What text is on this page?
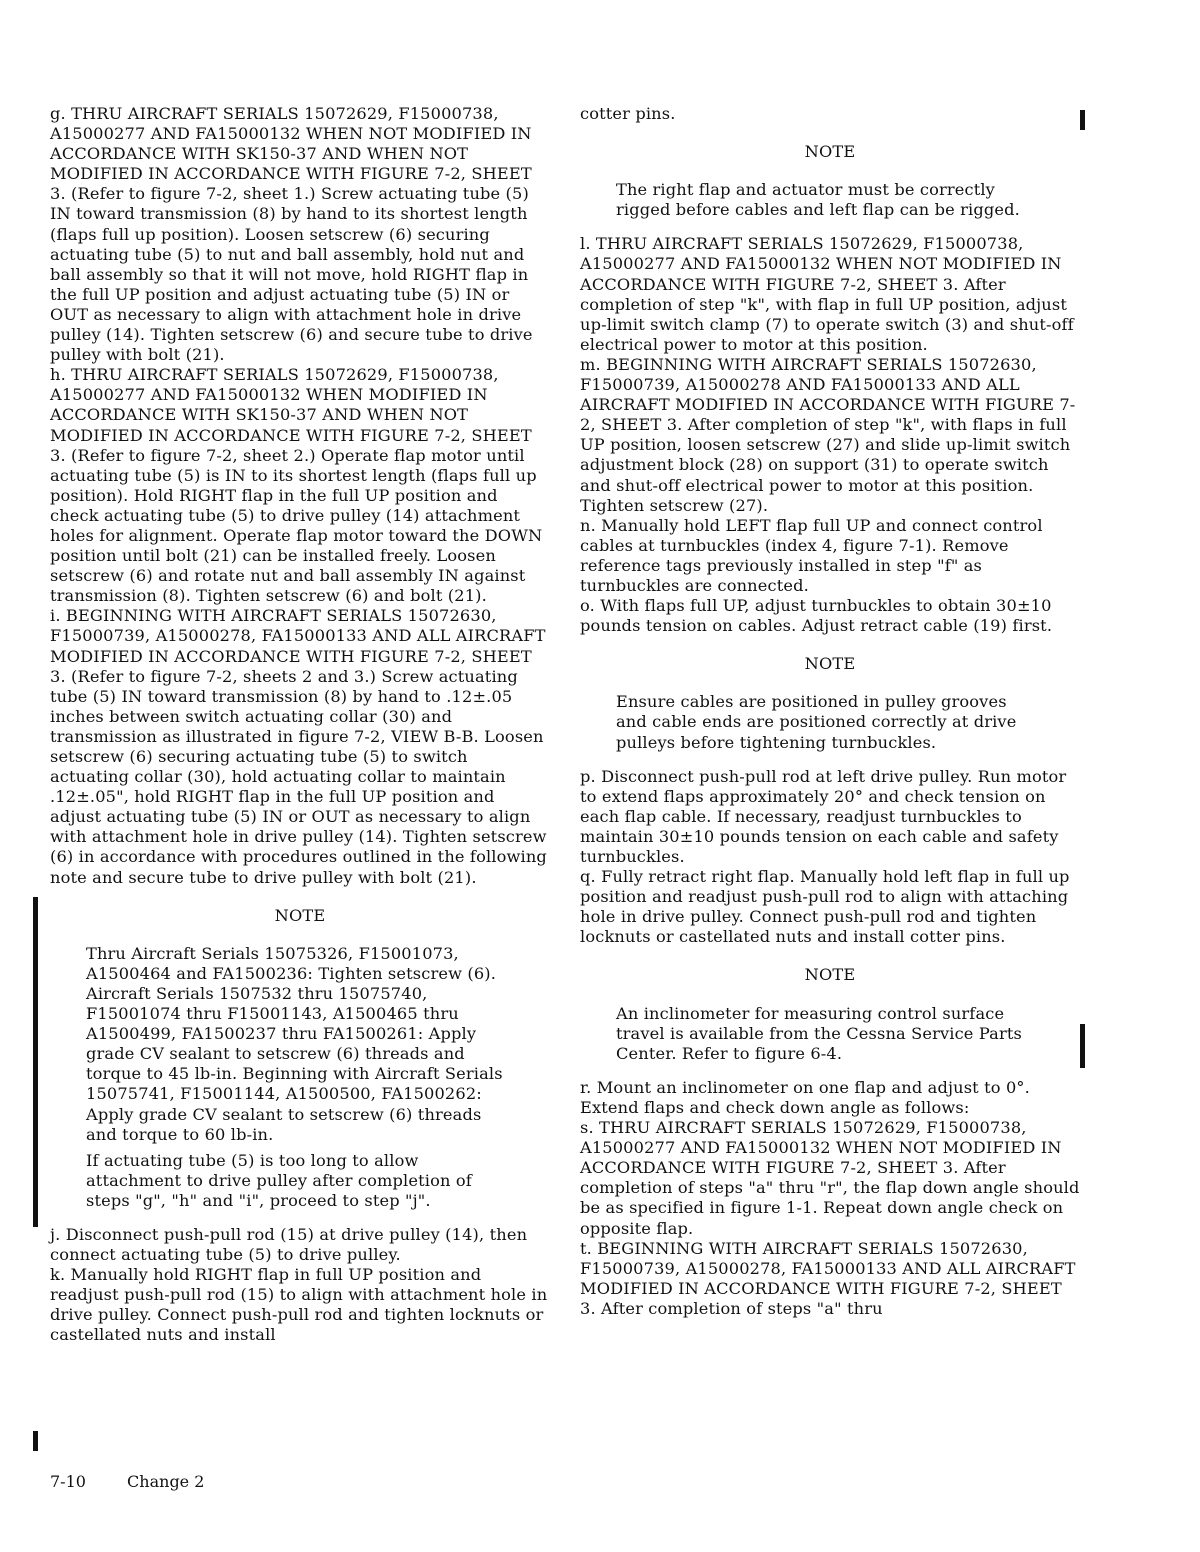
g. THRU AIRCRAFT SERIALS 15072629, F15000738, A15000277 AND FA15000132 WHEN NOT MODIFIED IN ACCORDANCE WITH SK150-37 AND WHEN NOT MODIFIED IN ACCORDANCE WITH FIGURE 7-2, SHEET 3. (Refer to figure 7-2, sheet 1.) Screw actuating tube (5) IN toward transmission (8) by hand to its shortest length (flaps full up position). Loosen setscrew (6) securing actuating tube (5) to nut and ball assembly, hold nut and ball assembly so that it will not move, hold RIGHT flap in the full UP position and adjust actuating tube (5) IN or OUT as necessary to align with attachment hole in drive pulley (14). Tighten setscrew (6) and secure tube to drive pulley with bolt (21).

h. THRU AIRCRAFT SERIALS 15072629, F15000738, A15000277 AND FA15000132 WHEN MODIFIED IN ACCORDANCE WITH SK150-37 AND WHEN NOT MODIFIED IN ACCORDANCE WITH FIGURE 7-2, SHEET 3. (Refer to figure 7-2, sheet 2.) Operate flap motor until actuating tube (5) is IN to its shortest length (flaps full up position). Hold RIGHT flap in the full UP position and check actuating tube (5) to drive pulley (14) attachment holes for alignment. Operate flap motor toward the DOWN position until bolt (21) can be installed freely. Loosen setscrew (6) and rotate nut and ball assembly IN against transmission (8). Tighten setscrew (6) and bolt (21).

i. BEGINNING WITH AIRCRAFT SERIALS 15072630, F15000739, A15000278, FA15000133 AND ALL AIRCRAFT MODIFIED IN ACCORDANCE WITH FIGURE 7-2, SHEET 3. (Refer to figure 7-2, sheets 2 and 3.) Screw actuating tube (5) IN toward transmission (8) by hand to .12±.05 inches between switch actuating collar (30) and transmission as illustrated in figure 7-2, VIEW B-B. Loosen setscrew (6) securing actuating tube (5) to switch actuating collar (30), hold actuating collar to maintain .12±.05", hold RIGHT flap in the full UP position and adjust actuating tube (5) IN or OUT as necessary to align with attachment hole in drive pulley (14). Tighten setscrew (6) in accordance with procedures outlined in the following note and secure tube to drive pulley with bolt (21).

NOTE

Thru Aircraft Serials 15075326, F15001073, A1500464 and FA1500236: Tighten setscrew (6). Aircraft Serials 1507532 thru 15075740, F15001074 thru F15001143, A1500465 thru A1500499, FA1500237 thru FA1500261: Apply grade CV sealant to setscrew (6) threads and torque to 45 lb-in. Beginning with Aircraft Serials 15075741, F15001144, A1500500, FA1500262: Apply grade CV sealant to setscrew (6) threads and torque to 60 lb-in.

If actuating tube (5) is too long to allow attachment to drive pulley after completion of steps "g", "h" and "i", proceed to step "j".

j. Disconnect push-pull rod (15) at drive pulley (14), then connect actuating tube (5) to drive pulley.

k. Manually hold RIGHT flap in full UP position and readjust push-pull rod (15) to align with attachment hole in drive pulley. Connect push-pull rod and tighten locknuts or castellated nuts and install

cotter pins.

NOTE

The right flap and actuator must be correctly rigged before cables and left flap can be rigged.

l. THRU AIRCRAFT SERIALS 15072629, F15000738, A15000277 AND FA15000132 WHEN NOT MODIFIED IN ACCORDANCE WITH FIGURE 7-2, SHEET 3. After completion of step "k", with flap in full UP position, adjust up-limit switch clamp (7) to operate switch (3) and shut-off electrical power to motor at this position.

m. BEGINNING WITH AIRCRAFT SERIALS 15072630, F15000739, A15000278 AND FA15000133 AND ALL AIRCRAFT MODIFIED IN ACCORDANCE WITH FIGURE 7-2, SHEET 3. After completion of step "k", with flaps in full UP position, loosen setscrew (27) and slide up-limit switch adjustment block (28) on support (31) to operate switch and shut-off electrical power to motor at this position. Tighten setscrew (27).

n. Manually hold LEFT flap full UP and connect control cables at turnbuckles (index 4, figure 7-1). Remove reference tags previously installed in step "f" as turnbuckles are connected.

o. With flaps full UP, adjust turnbuckles to obtain 30±10 pounds tension on cables. Adjust retract cable (19) first.

NOTE

Ensure cables are positioned in pulley grooves and cable ends are positioned correctly at drive pulleys before tightening turnbuckles.

p. Disconnect push-pull rod at left drive pulley. Run motor to extend flaps approximately 20° and check tension on each flap cable. If necessary, readjust turnbuckles to maintain 30±10 pounds tension on each cable and safety turnbuckles.

q. Fully retract right flap. Manually hold left flap in full up position and readjust push-pull rod to align with attaching hole in drive pulley. Connect push-pull rod and tighten locknuts or castellated nuts and install cotter pins.

NOTE

An inclinometer for measuring control surface travel is available from the Cessna Service Parts Center. Refer to figure 6-4.

r. Mount an inclinometer on one flap and adjust to 0°. Extend flaps and check down angle as follows:

s. THRU AIRCRAFT SERIALS 15072629, F15000738, A15000277 AND FA15000132 WHEN NOT MODIFIED IN ACCORDANCE WITH FIGURE 7-2, SHEET 3. After completion of steps "a" thru "r", the flap down angle should be as specified in figure 1-1. Repeat down angle check on opposite flap.

t. BEGINNING WITH AIRCRAFT SERIALS 15072630, F15000739, A15000278, FA15000133 AND ALL AIRCRAFT MODIFIED IN ACCORDANCE WITH FIGURE 7-2, SHEET 3. After completion of steps "a" thru

7-10	Change 2
